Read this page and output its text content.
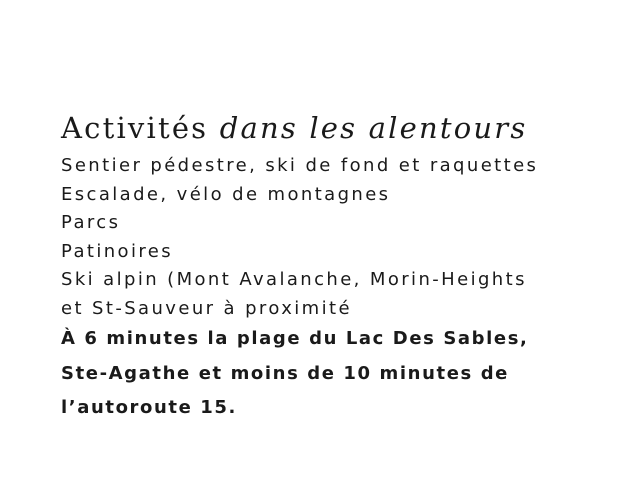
Activités dans les alentours
Sentier pédestre, ski de fond et raquettes
Escalade, vélo de montagnes
Parcs
Patinoires
Ski alpin (Mont Avalanche, Morin-Heights
et St-Sauveur à proximité
À 6 minutes la plage du Lac Des Sables,
Ste-Agathe et moins de 10 minutes de
l’autoroute 15.
